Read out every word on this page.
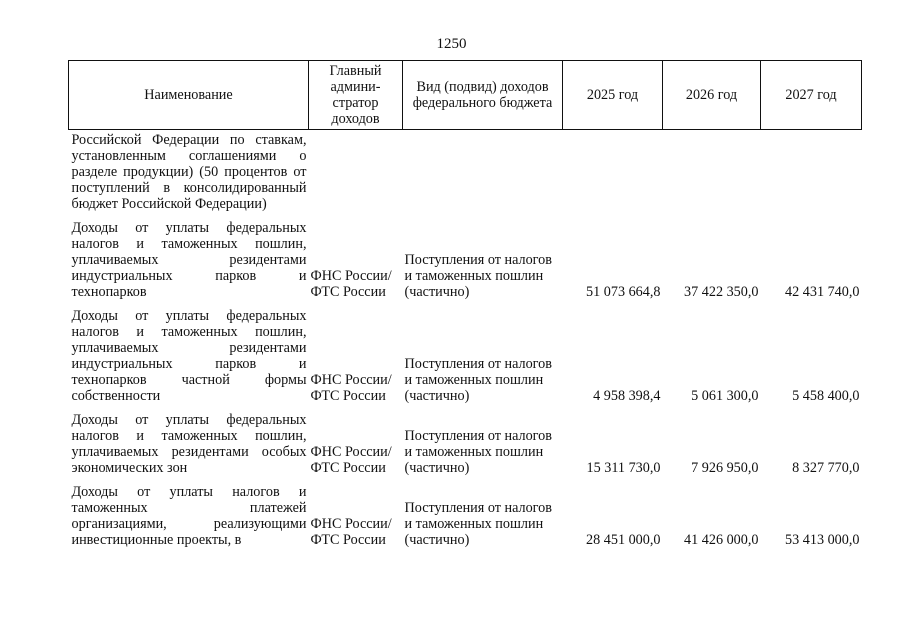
1250
Наименование	Главный админи-стратор доходов	Вид (подвид) доходов федерального бюджета	2025 год	2026 год	2027 год
Российской Федерации по ставкам, установленным соглашениями о разделе продукции) (50 процентов от поступлений в консолидированный бюджет Российской Федерации)					
Доходы от уплаты федеральных налогов и таможенных пошлин, уплачиваемых резидентами индустриальных парков и технопарков	ФНС России/ ФТС России	Поступления от налогов и таможенных пошлин (частично)	51 073 664,8	37 422 350,0	42 431 740,0
Доходы от уплаты федеральных налогов и таможенных пошлин, уплачиваемых резидентами индустриальных парков и технопарков частной формы собственности	ФНС России/ ФТС России	Поступления от налогов и таможенных пошлин (частично)	4 958 398,4	5 061 300,0	5 458 400,0
Доходы от уплаты федеральных налогов и таможенных пошлин, уплачиваемых резидентами особых экономических зон	ФНС России/ ФТС России	Поступления от налогов и таможенных пошлин (частично)	15 311 730,0	7 926 950,0	8 327 770,0
Доходы от уплаты налогов и таможенных платежей организациями, реализующими инвестиционные проекты, в	ФНС России/ ФТС России	Поступления от налогов и таможенных пошлин (частично)	28 451 000,0	41 426 000,0	53 413 000,0
